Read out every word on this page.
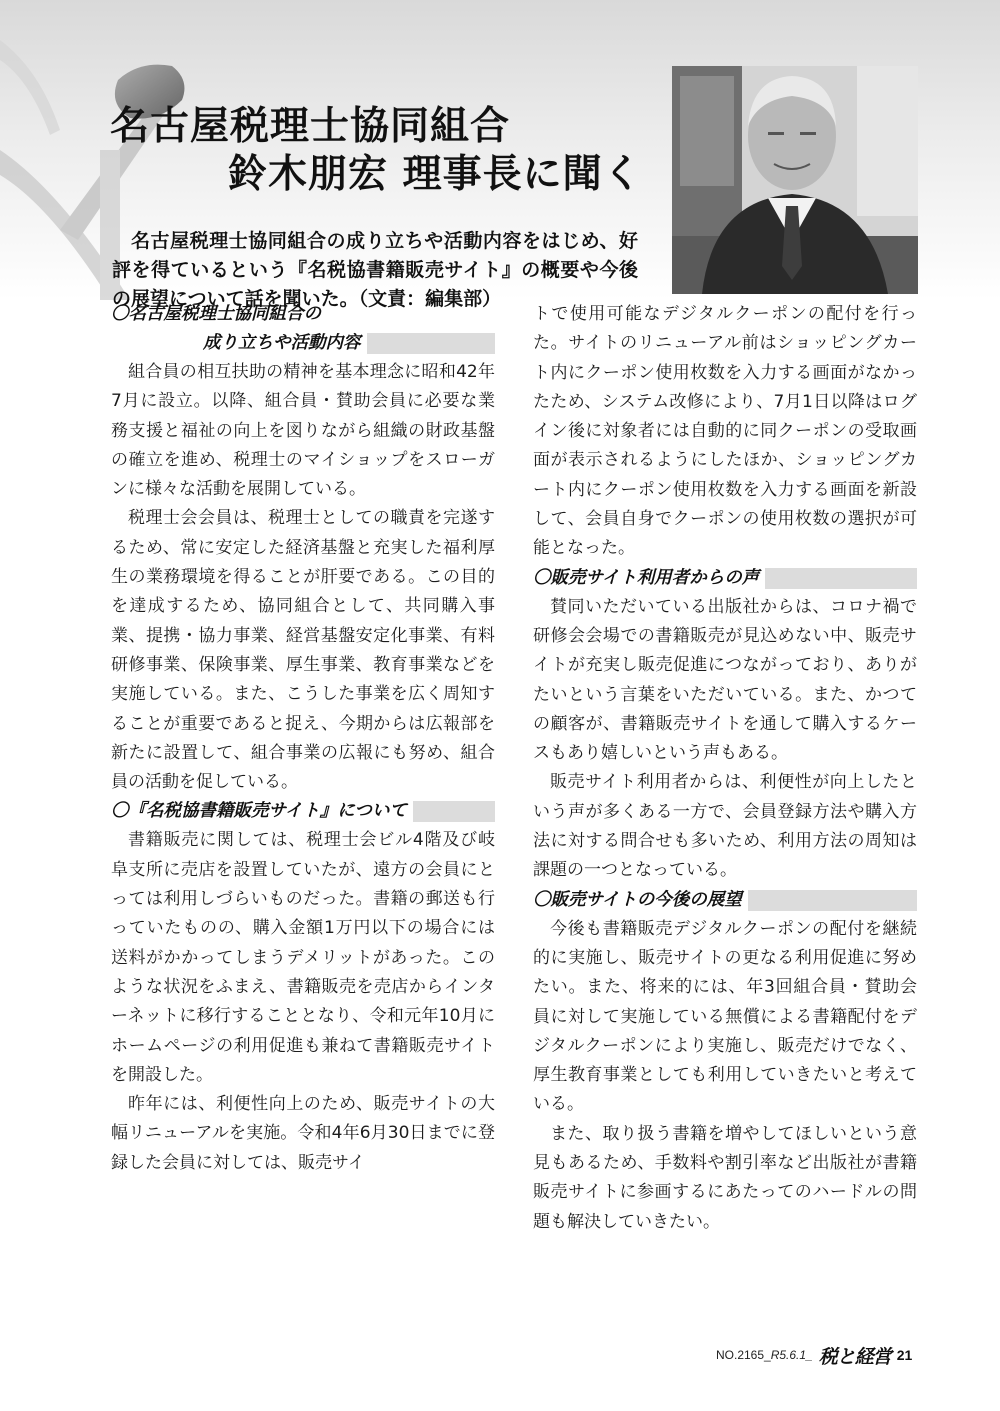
名古屋税理士協同組合
鈴木朋宏 理事長に聞く

名古屋税理士協同組合の成り立ちや活動内容をはじめ、好評を得ているという『名税協書籍販売サイト』の概要や今後の展望について話を聞いた。（文責：編集部）

〇名古屋税理士協同組合の
成り立ちや活動内容

組合員の相互扶助の精神を基本理念に昭和42年7月に設立。以降、組合員・賛助会員に必要な業務支援と福祉の向上を図りながら組織の財政基盤の確立を進め、税理士のマイショップをスローガンに様々な活動を展開している。

税理士会会員は、税理士としての職責を完遂するため、常に安定した経済基盤と充実した福利厚生の業務環境を得ることが肝要である。この目的を達成するため、協同組合として、共同購入事業、提携・協力事業、経営基盤安定化事業、有料研修事業、保険事業、厚生事業、教育事業などを実施している。また、こうした事業を広く周知することが重要であると捉え、今期からは広報部を新たに設置して、組合事業の広報にも努め、組合員の活動を促している。

〇『名税協書籍販売サイト』について

書籍販売に関しては、税理士会ビル4階及び岐阜支所に売店を設置していたが、遠方の会員にとっては利用しづらいものだった。書籍の郵送も行っていたものの、購入金額1万円以下の場合には送料がかかってしまうデメリットがあった。このような状況をふまえ、書籍販売を売店からインターネットに移行することとなり、令和元年10月にホームページの利用促進も兼ねて書籍販売サイトを開設した。

昨年には、利便性向上のため、販売サイトの大幅リニューアルを実施。令和4年6月30日までに登録した会員に対しては、販売サイ

トで使用可能なデジタルクーポンの配付を行った。サイトのリニューアル前はショッピングカート内にクーポン使用枚数を入力する画面がなかったため、システム改修により、7月1日以降はログイン後に対象者には自動的に同クーポンの受取画面が表示されるようにしたほか、ショッピングカート内にクーポン使用枚数を入力する画面を新設して、会員自身でクーポンの使用枚数の選択が可能となった。

〇販売サイト利用者からの声

賛同いただいている出版社からは、コロナ禍で研修会会場での書籍販売が見込めない中、販売サイトが充実し販売促進につながっており、ありがたいという言葉をいただいている。また、かつての顧客が、書籍販売サイトを通して購入するケースもあり嬉しいという声もある。

販売サイト利用者からは、利便性が向上したという声が多くある一方で、会員登録方法や購入方法に対する問合せも多いため、利用方法の周知は課題の一つとなっている。

〇販売サイトの今後の展望

今後も書籍販売デジタルクーポンの配付を継続的に実施し、販売サイトの更なる利用促進に努めたい。また、将来的には、年3回組合員・賛助会員に対して実施している無償による書籍配付をデジタルクーポンにより実施し、販売だけでなく、厚生教育事業としても利用していきたいと考えている。

また、取り扱う書籍を増やしてほしいという意見もあるため、手数料や割引率など出版社が書籍販売サイトに参画するにあたってのハードルの問題も解決していきたい。

NO.2165_R5.6.1_ 税と経営 21
